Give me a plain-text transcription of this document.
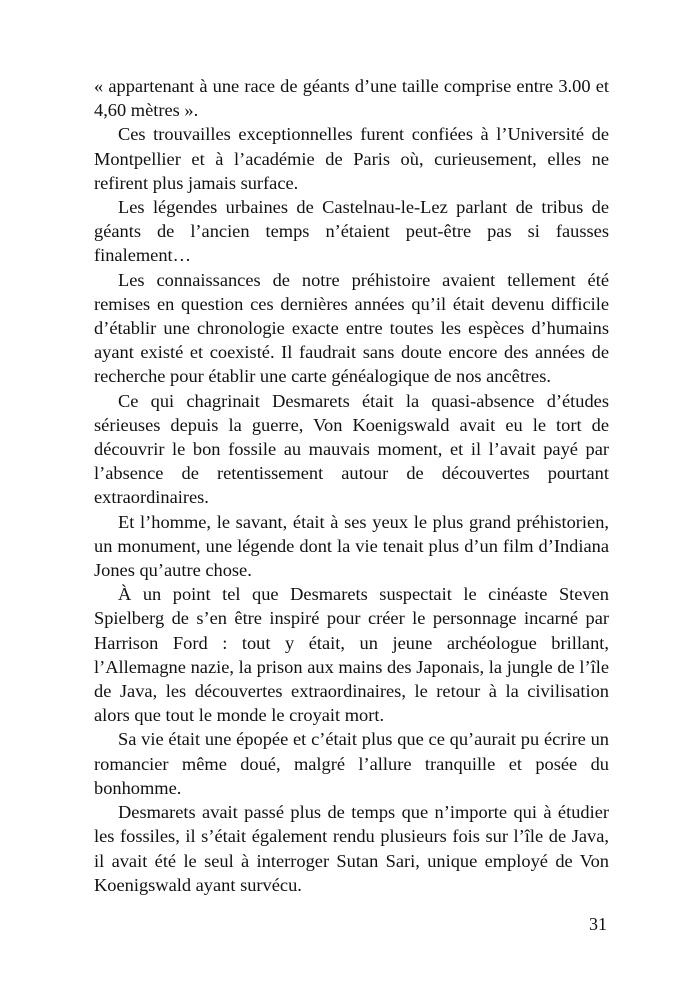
« appartenant à une race de géants d’une taille comprise entre 3.00 et 4,60 mètres ».

Ces trouvailles exceptionnelles furent confiées à l’Université de Montpellier et à l’académie de Paris où, curieusement, elles ne refirent plus jamais surface.

Les légendes urbaines de Castelnau-le-Lez parlant de tribus de géants de l’ancien temps n’étaient peut-être pas si fausses finalement…

Les connaissances de notre préhistoire avaient tellement été remises en question ces dernières années qu’il était devenu difficile d’établir une chronologie exacte entre toutes les espèces d’humains ayant existé et coexisté. Il faudrait sans doute encore des années de recherche pour établir une carte généalogique de nos ancêtres.

Ce qui chagrinait Desmarets était la quasi-absence d’études sérieuses depuis la guerre, Von Koenigswald avait eu le tort de découvrir le bon fossile au mauvais moment, et il l’avait payé par l’absence de retentissement autour de découvertes pourtant extraordinaires.

Et l’homme, le savant, était à ses yeux le plus grand préhistorien, un monument, une légende dont la vie tenait plus d’un film d’Indiana Jones qu’autre chose.

À un point tel que Desmarets suspectait le cinéaste Steven Spielberg de s’en être inspiré pour créer le personnage incarné par Harrison Ford : tout y était, un jeune archéologue brillant, l’Allemagne nazie, la prison aux mains des Japonais, la jungle de l’île de Java, les découvertes extraordinaires, le retour à la civilisation alors que tout le monde le croyait mort.

Sa vie était une épopée et c’était plus que ce qu’aurait pu écrire un romancier même doué, malgré l’allure tranquille et posée du bonhomme.

Desmarets avait passé plus de temps que n’importe qui à étudier les fossiles, il s’était également rendu plusieurs fois sur l’île de Java, il avait été le seul à interroger Sutan Sari, unique employé de Von Koenigswald ayant survécu.

31
